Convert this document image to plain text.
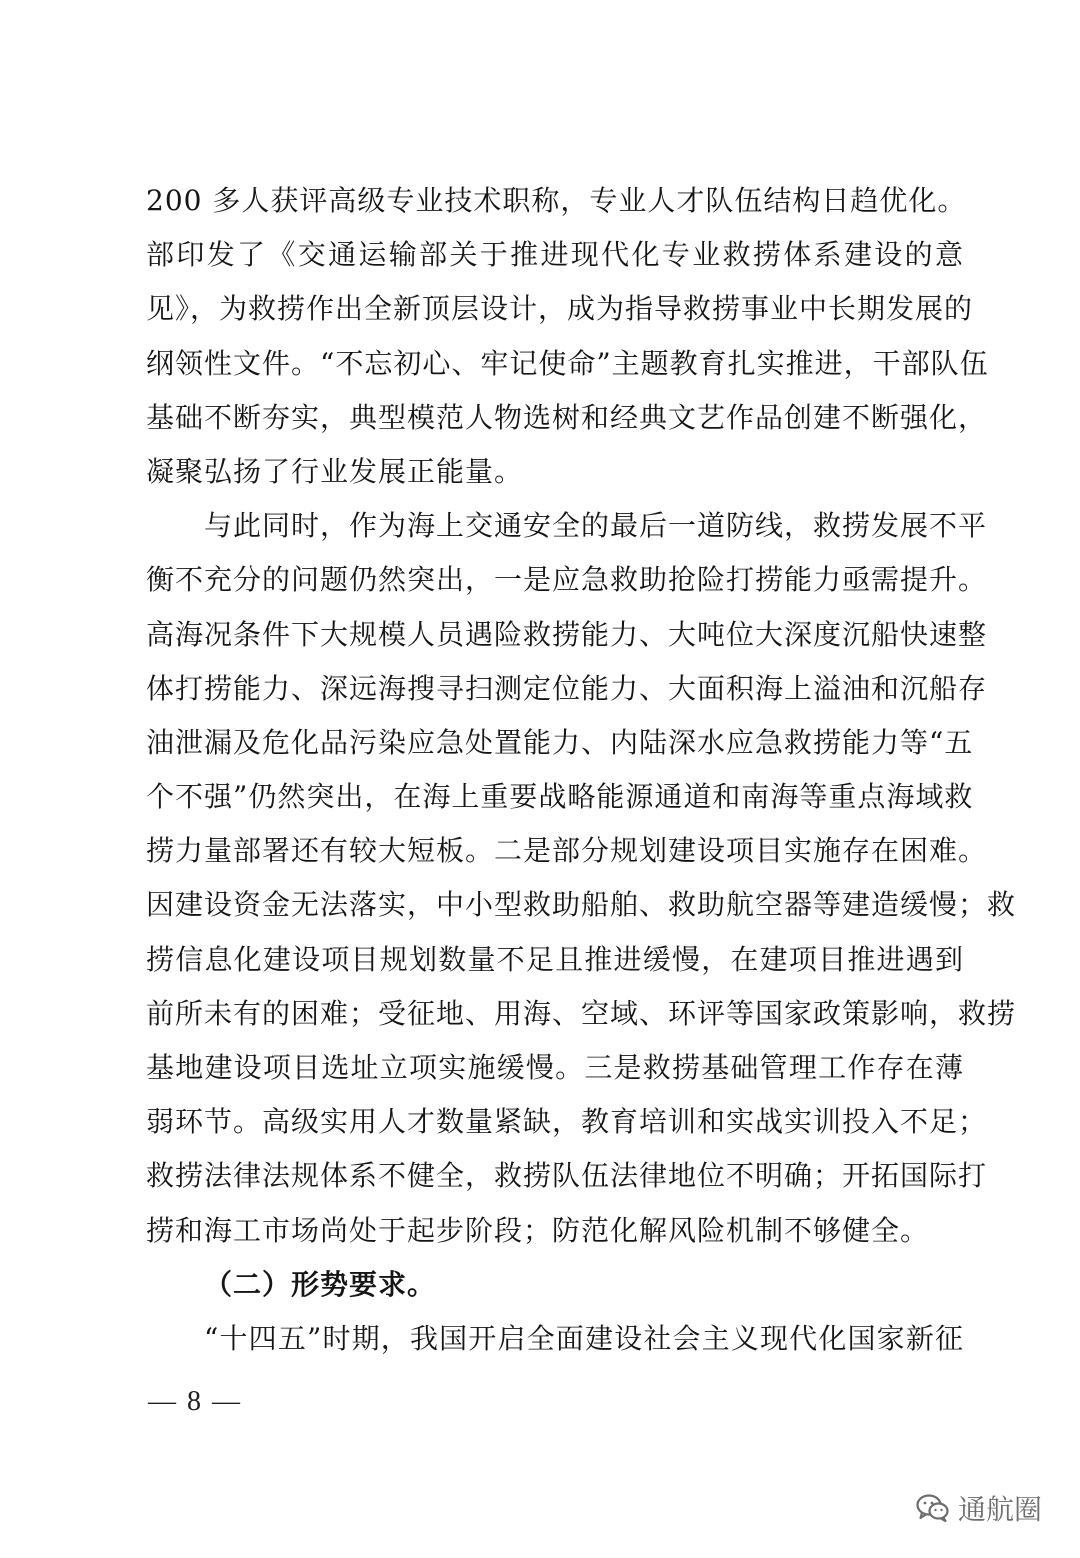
200 多人获评高级专业技术职称，专业人才队伍结构日趋优化。
部印发了《交通运输部关于推进现代化专业救捞体系建设的意
见》，为救捞作出全新顶层设计，成为指导救捞事业中长期发展的
纲领性文件。“不忘初心、牢记使命”主题教育扎实推进，干部队伍
基础不断夯实，典型模范人物选树和经典文艺作品创建不断强化，
凝聚弘扬了行业发展正能量。
与此同时，作为海上交通安全的最后一道防线，救捞发展不平
衡不充分的问题仍然突出，一是应急救助抢险打捞能力亟需提升。
高海况条件下大规模人员遇险救捞能力、大吨位大深度沉船快速整
体打捞能力、深远海搜寻扫测定位能力、大面积海上溢油和沉船存
油泄漏及危化品污染应急处置能力、内陆深水应急救捞能力等“五
个不强”仍然突出，在海上重要战略能源通道和南海等重点海域救
捞力量部署还有较大短板。二是部分规划建设项目实施存在困难。
因建设资金无法落实，中小型救助船舶、救助航空器等建造缓慢；救
捞信息化建设项目规划数量不足且推进缓慢，在建项目推进遇到
前所未有的困难；受征地、用海、空域、环评等国家政策影响，救捞
基地建设项目选址立项实施缓慢。三是救捞基础管理工作存在薄
弱环节。高级实用人才数量紧缺，教育培训和实战实训投入不足；
救捞法律法规体系不健全，救捞队伍法律地位不明确；开拓国际打
捞和海工市场尚处于起步阶段；防范化解风险机制不够健全。
（二）形势要求。
“十四五”时期，我国开启全面建设社会主义现代化国家新征
— 8 —
通航圈
